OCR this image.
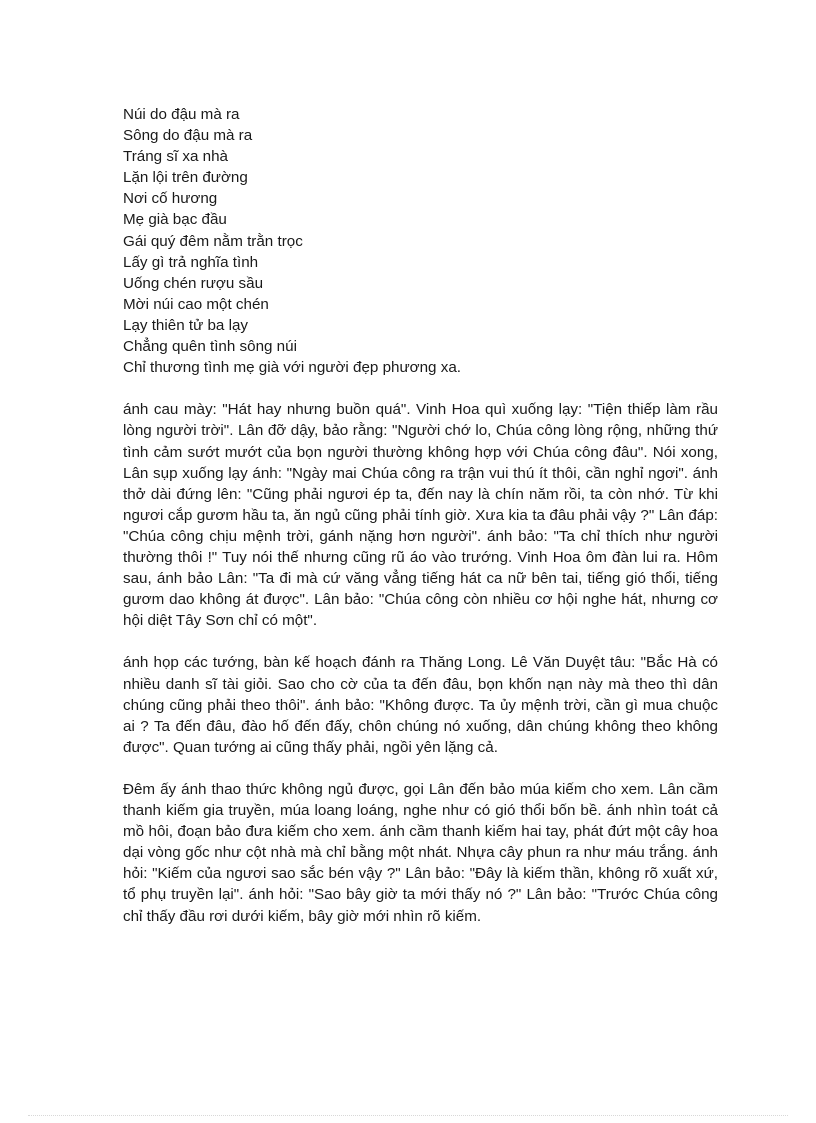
Núi do đậu mà ra
Sông do đậu mà ra
Tráng sĩ xa nhà
Lặn lội trên đường
Nơi cố hương
Mẹ già bạc đầu
Gái quý đêm nằm trằn trọc
Lấy gì trả nghĩa tình
Uống chén rượu sầu
Mời núi cao một chén
Lạy thiên tử ba lạy
Chẳng quên tình sông núi
Chỉ thương tình mẹ già với người đẹp phương xa.

ánh cau mày: "Hát hay nhưng buồn quá". Vinh Hoa quì xuống lạy: "Tiện thiếp làm rầu lòng người trời". Lân đỡ dậy, bảo rằng: "Người chớ lo, Chúa công lòng rộng, những thứ tình cảm sướt mướt của bọn người thường không hợp với Chúa công đâu". Nói xong, Lân sụp xuống lạy ánh: "Ngày mai Chúa công ra trận vui thú ít thôi, cần nghỉ ngơi". ánh thở dài đứng lên: "Cũng phải ngươi ép ta, đến nay là chín năm rồi, ta còn nhớ. Từ khi ngươi cắp gươm hầu ta, ăn ngủ cũng phải tính giờ. Xưa kia ta đâu phải vậy ?" Lân đáp: "Chúa công chịu mệnh trời, gánh nặng hơn người". ánh bảo: "Ta chỉ thích như người thường thôi !" Tuy nói thế nhưng cũng rũ áo vào trướng. Vinh Hoa ôm đàn lui ra. Hôm sau, ánh bảo Lân: "Ta đi mà cứ văng vẳng tiếng hát ca nữ bên tai, tiếng gió thổi, tiếng gươm dao không át được". Lân bảo: "Chúa công còn nhiều cơ hội nghe hát, nhưng cơ hội diệt Tây Sơn chỉ có một".

ánh họp các tướng, bàn kế hoạch đánh ra Thăng Long. Lê Văn Duyệt tâu: "Bắc Hà có nhiều danh sĩ tài giỏi. Sao cho cờ của ta đến đâu, bọn khốn nạn này mà theo thì dân chúng cũng phải theo thôi". ánh bảo: "Không được. Ta ủy mệnh trời, cần gì mua chuộc ai ? Ta đến đâu, đào hố đến đấy, chôn chúng nó xuống, dân chúng không theo không được". Quan tướng ai cũng thấy phải, ngồi yên lặng cả.

Đêm ấy ánh thao thức không ngủ được, gọi Lân đến bảo múa kiếm cho xem. Lân cầm thanh kiếm gia truyền, múa loang loáng, nghe như có gió thổi bốn bề. ánh nhìn toát cả mồ hôi, đoạn bảo đưa kiếm cho xem. ánh cầm thanh kiếm hai tay, phát đứt một cây hoa dại vòng gốc như cột nhà mà chỉ bằng một nhát. Nhựa cây phun ra như máu trắng. ánh hỏi: "Kiếm của ngươi sao sắc bén vậy ?" Lân bảo: "Đây là kiếm thần, không rõ xuất xứ, tổ phụ truyền lại". ánh hỏi: "Sao bây giờ ta mới thấy nó ?" Lân bảo: "Trước Chúa công chỉ thấy đầu rơi dưới kiếm, bây giờ mới nhìn rõ kiếm.
